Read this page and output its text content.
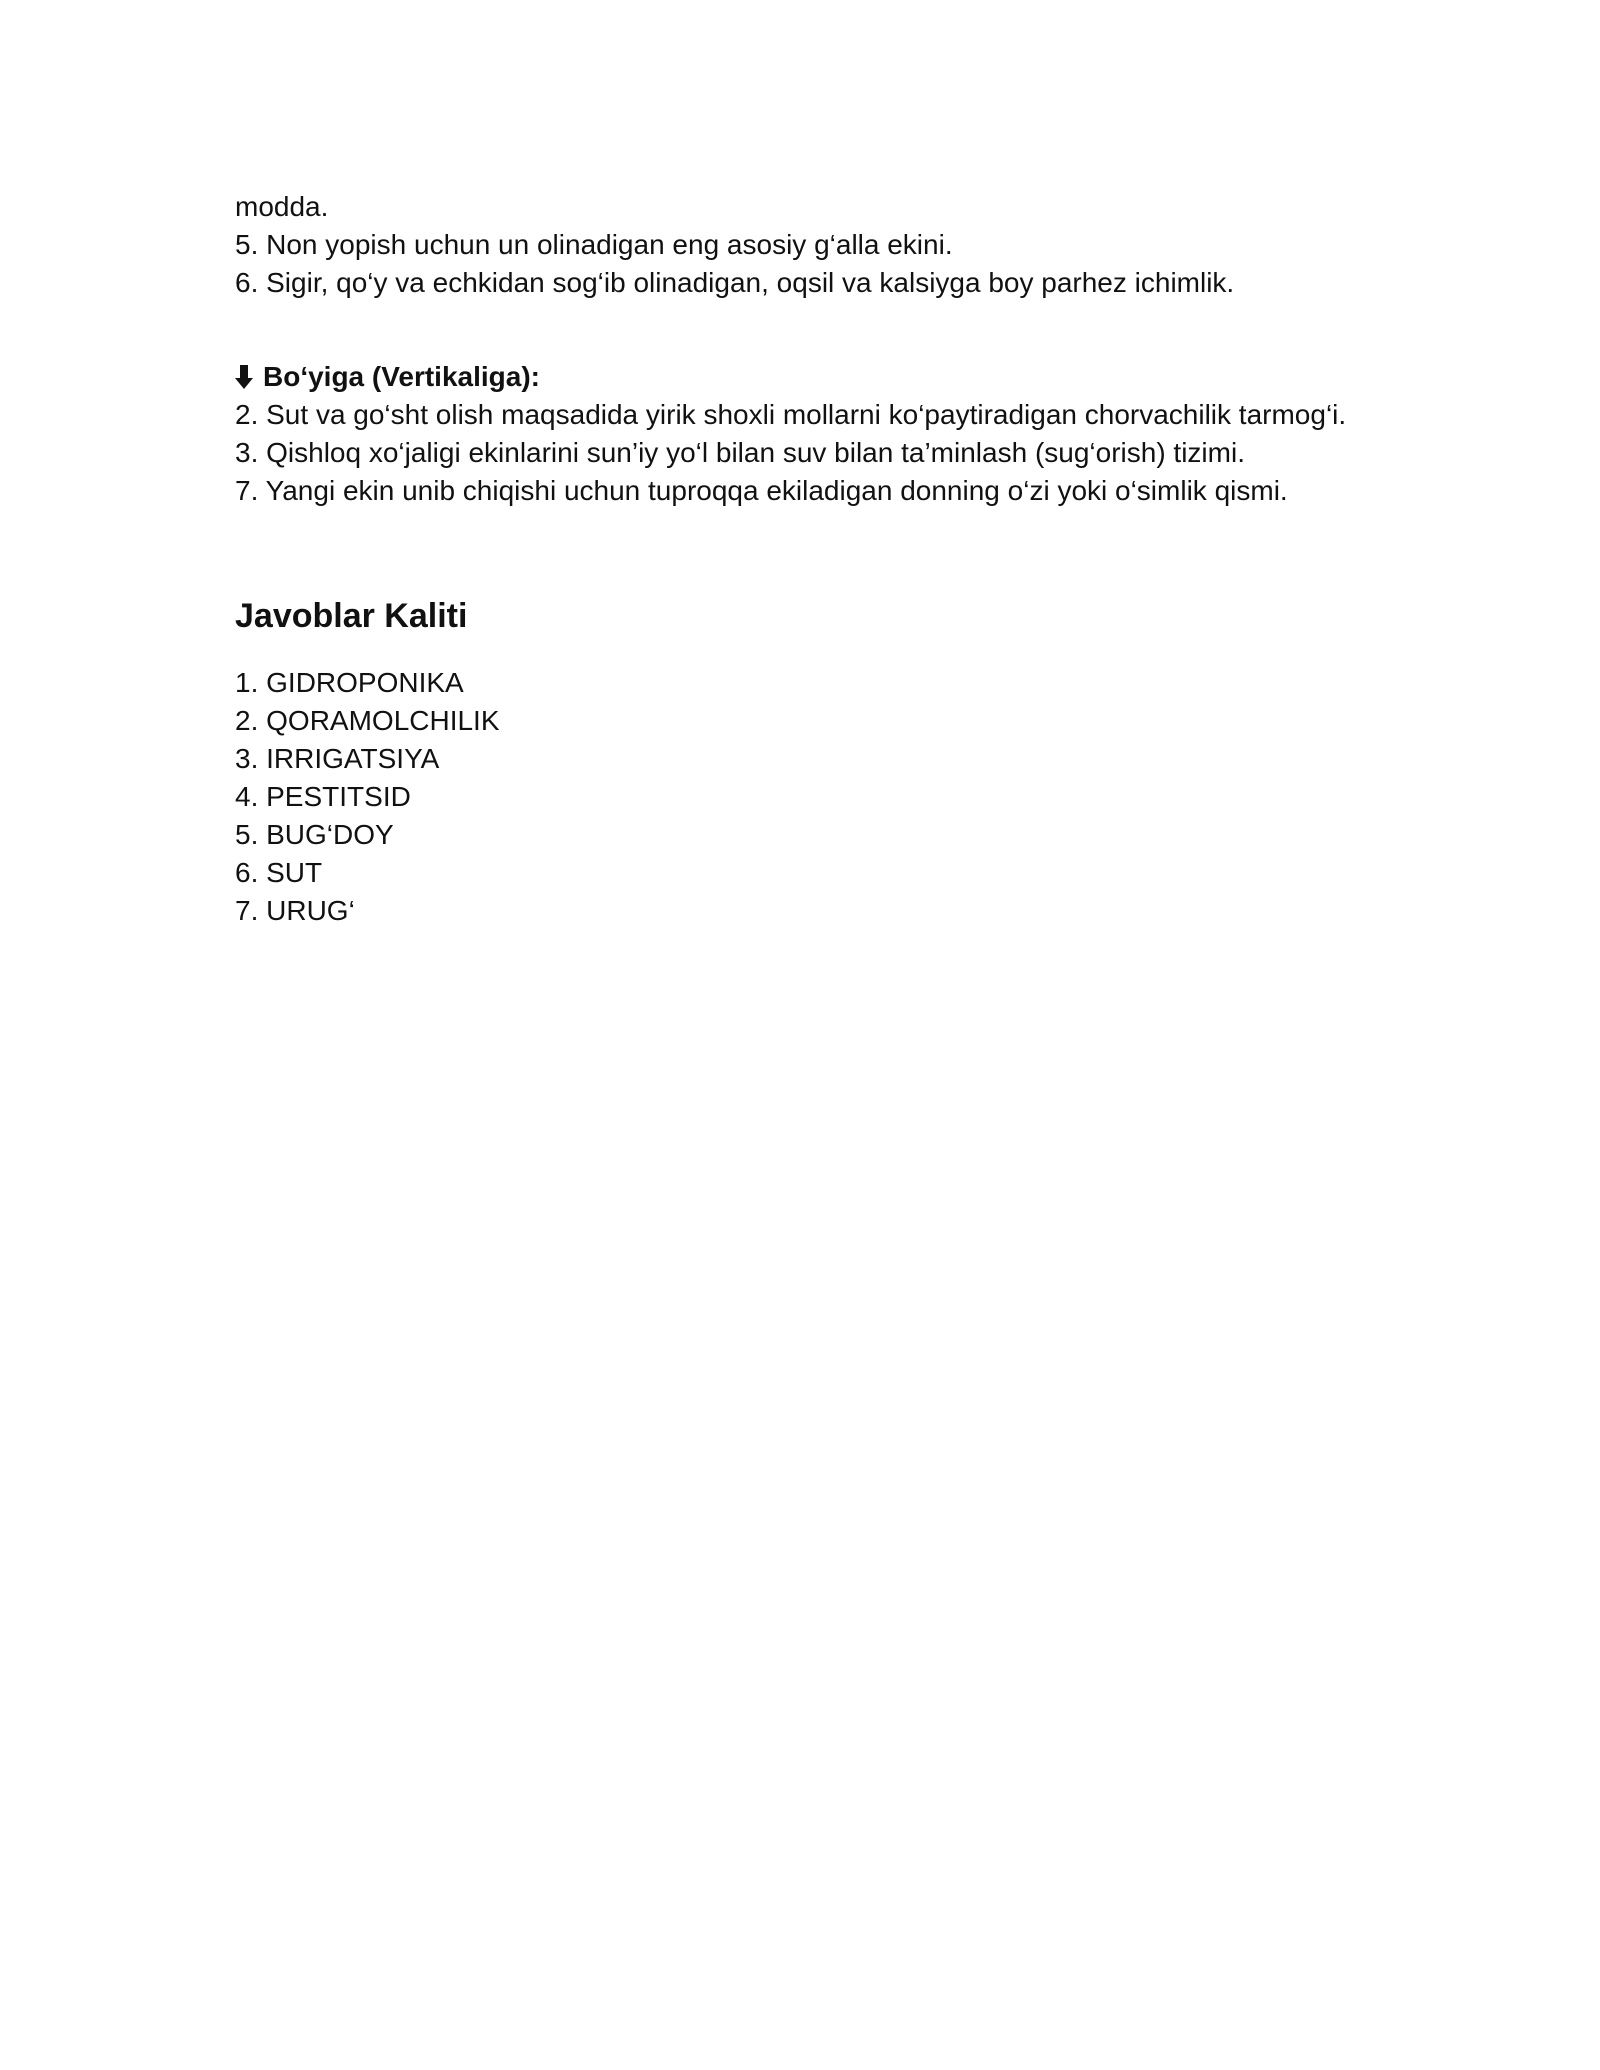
modda.
5. Non yopish uchun un olinadigan eng asosiy g‘alla ekini.
6. Sigir, qo‘y va echkidan sog‘ib olinadigan, oqsil va kalsiyga boy parhez ichimlik.
Bo‘yiga (Vertikaliga):
2. Sut va go‘sht olish maqsadida yirik shoxli mollarni ko‘paytiradigan chorvachilik tarmog‘i.
3. Qishloq xo‘jaligi ekinlarini sun’iy yo‘l bilan suv bilan ta’minlash (sug‘orish) tizimi.
7. Yangi ekin unib chiqishi uchun tuproqqa ekiladigan donning o‘zi yoki o‘simlik qismi.
Javoblar Kaliti
1. GIDROPONIKA
2. QORAMOLCHILIK
3. IRRIGATSIYA
4. PESTITSID
5. BUG‘DOY
6. SUT
7. URUG‘
